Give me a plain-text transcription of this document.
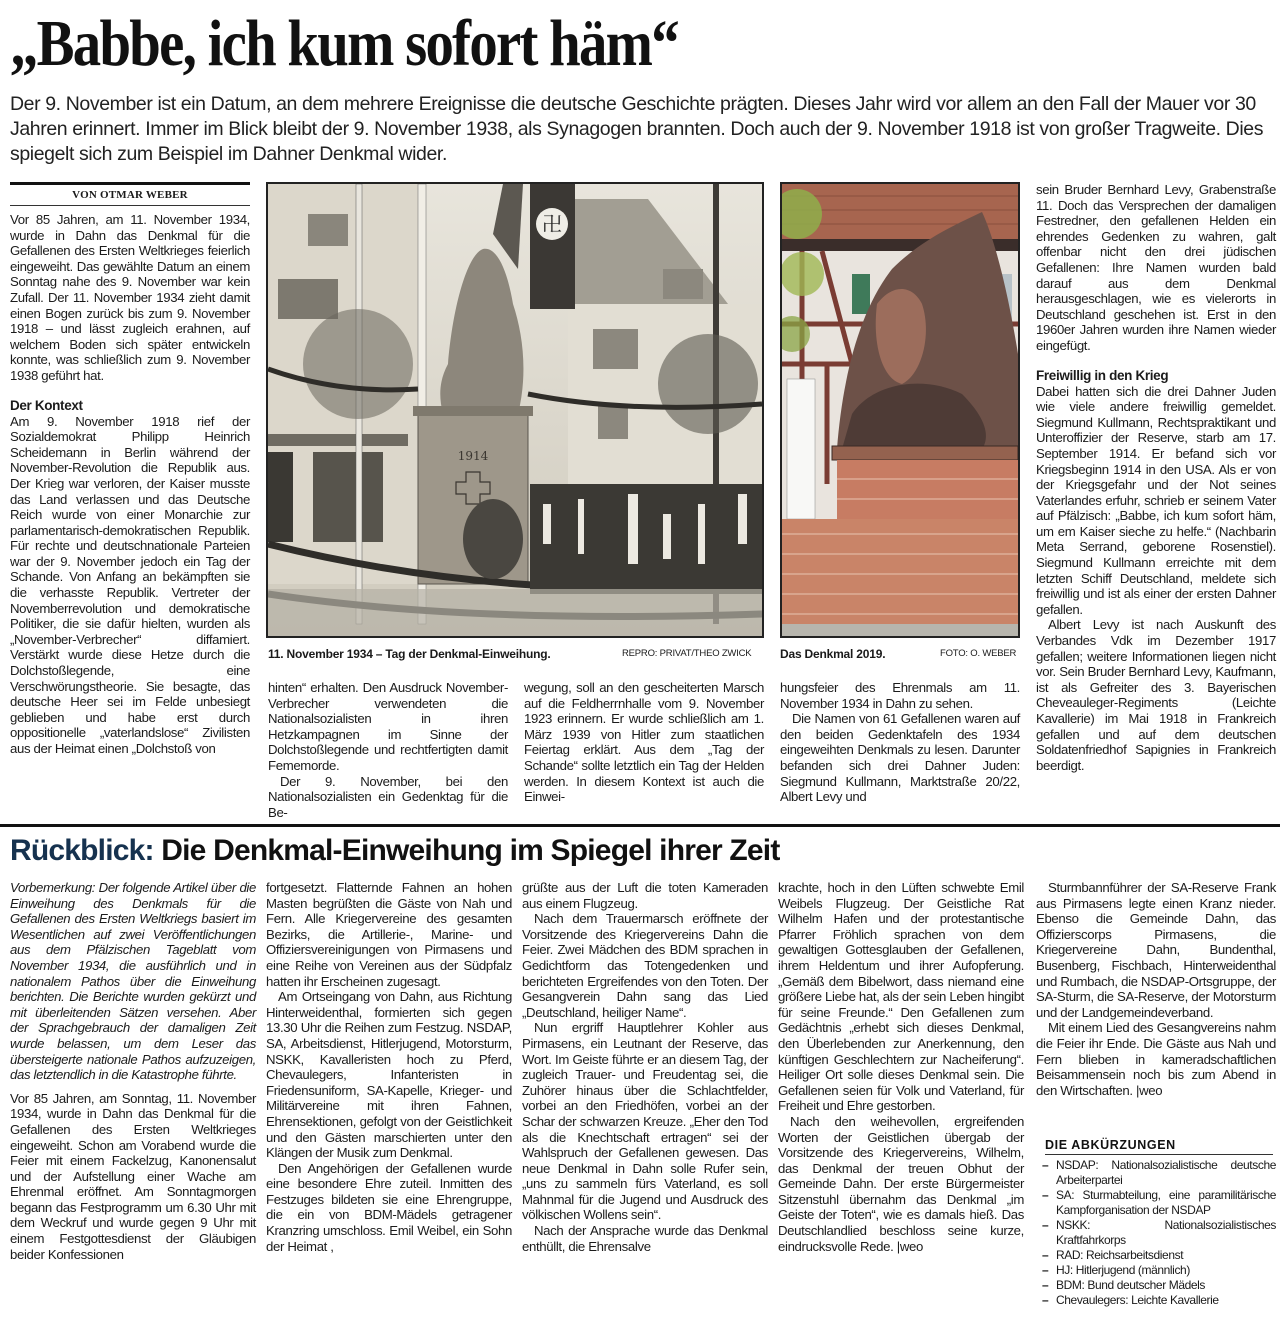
„Babbe, ich kum sofort häm“

Der 9. November ist ein Datum, an dem mehrere Ereignisse die deutsche Geschichte prägten. Dieses Jahr wird vor allem an den Fall der Mauer vor 30 Jahren erinnert. Immer im Blick bleibt der 9. November 1938, als Synagogen brannten. Doch auch der 9. November 1918 ist von großer Tragweite. Dies spiegelt sich zum Beispiel im Dahner Denkmal wider.

VON OTMAR WEBER

Vor 85 Jahren, am 11. November 1934, wurde in Dahn das Denkmal für die Gefallenen des Ersten Weltkrieges feierlich eingeweiht. Das gewählte Datum an einem Sonntag nahe des 9. November war kein Zufall. Der 11. November 1934 zieht damit einen Bogen zurück bis zum 9. November 1918 – und lässt zugleich erahnen, auf welchem Boden sich später entwickeln konnte, was schließlich zum 9. November 1938 geführt hat.

Der Kontext

Am 9. November 1918 rief der Sozialdemokrat Philipp Heinrich Scheidemann in Berlin während der November-Revolution die Republik aus. Der Krieg war verloren, der Kaiser musste das Land verlassen und das Deutsche Reich wurde von einer Monarchie zur parlamentarisch-demokratischen Republik. Für rechte und deutschnationale Parteien war der 9. November jedoch ein Tag der Schande. Von Anfang an bekämpften sie die verhasste Republik. Vertreter der Novemberrevolution und demokratische Politiker, die sie dafür hielten, wurden als „November-Verbrecher“ diffamiert. Verstärkt wurde diese Hetze durch die Dolchstoßlegende, eine Verschwörungstheorie. Sie besagte, das deutsche Heer sei im Felde unbesiegt geblieben und habe erst durch oppositionelle „vaterlandslose“ Zivilisten aus der Heimat einen „Dolchstoß von

卍
1914
11. November 1934 – Tag der Denkmal-Einweihung.	REPRO: PRIVAT/THEO ZWICK Das Denkmal 2019.	FOTO: O. WEBER

hinten“ erhalten. Den Ausdruck November-Verbrecher verwendeten die Nationalsozialisten in ihren Hetzkampagnen im Sinne der Dolchstoßlegende und rechtfertigten damit Fememorde.

Der 9. November, bei den Nationalsozialisten ein Gedenktag für die Be-

wegung, soll an den gescheiterten Marsch auf die Feldherrnhalle vom 9. November 1923 erinnern. Er wurde schließlich am 1. März 1939 von Hitler zum staatlichen Feiertag erklärt. Aus dem „Tag der Schande“ sollte letztlich ein Tag der Helden werden. In diesem Kontext ist auch die Einwei-

hungsfeier des Ehrenmals am 11. November 1934 in Dahn zu sehen.

Die Namen von 61 Gefallenen waren auf den beiden Gedenktafeln des 1934 eingeweihten Denkmals zu lesen. Darunter befanden sich drei Dahner Juden: Siegmund Kullmann, Marktstraße 20/22, Albert Levy und

sein Bruder Bernhard Levy, Grabenstraße 11. Doch das Versprechen der damaligen Festredner, den gefallenen Helden ein ehrendes Gedenken zu wahren, galt offenbar nicht den drei jüdischen Gefallenen: Ihre Namen wurden bald darauf aus dem Denkmal herausgeschlagen, wie es vielerorts in Deutschland geschehen ist. Erst in den 1960er Jahren wurden ihre Namen wieder eingefügt.

Freiwillig in den Krieg

Dabei hatten sich die drei Dahner Juden wie viele andere freiwillig gemeldet. Siegmund Kullmann, Rechtspraktikant und Unteroffizier der Reserve, starb am 17. September 1914. Er befand sich vor Kriegsbeginn 1914 in den USA. Als er von der Kriegsgefahr und der Not seines Vaterlandes erfuhr, schrieb er seinem Vater auf Pfälzisch: „Babbe, ich kum sofort häm, um em Kaiser sieche zu helfe.“ (Nachbarin Meta Serrand, geborene Rosenstiel). Siegmund Kullmann erreichte mit dem letzten Schiff Deutschland, meldete sich freiwillig und ist als einer der ersten Dahner gefallen.

Albert Levy ist nach Auskunft des Verbandes Vdk im Dezember 1917 gefallen; weitere Informationen liegen nicht vor. Sein Bruder Bernhard Levy, Kaufmann, ist als Gefreiter des 3. Bayerischen Cheveauleger-Regiments (Leichte Kavallerie) im Mai 1918 in Frankreich gefallen und auf dem deutschen Soldatenfriedhof Sapignies in Frankreich beerdigt.

Rückblick: Die Denkmal-Einweihung im Spiegel ihrer Zeit

Vorbemerkung: Der folgende Artikel über die Einweihung des Denkmals für die Gefallenen des Ersten Weltkriegs basiert im Wesentlichen auf zwei Veröffentlichungen aus dem Pfälzischen Tageblatt vom November 1934, die ausführlich und in nationalem Pathos über die Einweihung berichten. Die Berichte wurden gekürzt und mit überleitenden Sätzen versehen. Aber der Sprachgebrauch der damaligen Zeit wurde belassen, um dem Leser das übersteigerte nationale Pathos aufzuzeigen, das letztendlich in die Katastrophe führte.

Vor 85 Jahren, am Sonntag, 11. November 1934, wurde in Dahn das Denkmal für die Gefallenen des Ersten Weltkrieges eingeweiht. Schon am Vorabend wurde die Feier mit einem Fackelzug, Kanonensalut und der Aufstellung einer Wache am Ehrenmal eröffnet. Am Sonntagmorgen begann das Festprogramm um 6.30 Uhr mit dem Weckruf und wurde gegen 9 Uhr mit einem Festgottesdienst der Gläubigen beider Konfessionen

fortgesetzt. Flatternde Fahnen an hohen Masten begrüßten die Gäste von Nah und Fern. Alle Kriegervereine des gesamten Bezirks, die Artillerie-, Marine- und Offiziersvereinigungen von Pirmasens und eine Reihe von Vereinen aus der Südpfalz hatten ihr Erscheinen zugesagt.

Am Ortseingang von Dahn, aus Richtung Hinterweidenthal, formierten sich gegen 13.30 Uhr die Reihen zum Festzug. NSDAP, SA, Arbeitsdienst, Hitlerjugend, Motorsturm, NSKK, Kavalleristen hoch zu Pferd, Chevaulegers, Infanteristen in Friedensuniform, SA-Kapelle, Krieger- und Militärvereine mit ihren Fahnen, Ehrensektionen, gefolgt von der Geistlichkeit und den Gästen marschierten unter den Klängen der Musik zum Denkmal.

Den Angehörigen der Gefallenen wurde eine besondere Ehre zuteil. Inmitten des Festzuges bildeten sie eine Ehrengruppe, die ein von BDM-Mädels getragener Kranzring umschloss. Emil Weibel, ein Sohn der Heimat ,

grüßte aus der Luft die toten Kameraden aus einem Flugzeug.

Nach dem Trauermarsch eröffnete der Vorsitzende des Kriegervereins Dahn die Feier. Zwei Mädchen des BDM sprachen in Gedichtform das Totengedenken und berichteten Ergreifendes von den Toten. Der Gesangverein Dahn sang das Lied „Deutschland, heiliger Name“.

Nun ergriff Hauptlehrer Kohler aus Pirmasens, ein Leutnant der Reserve, das Wort. Im Geiste führte er an diesem Tag, der zugleich Trauer- und Freudentag sei, die Zuhörer hinaus über die Schlachtfelder, vorbei an den Friedhöfen, vorbei an der Schar der schwarzen Kreuze. „Eher den Tod als die Knechtschaft ertragen“ sei der Wahlspruch der Gefallenen gewesen. Das neue Denkmal in Dahn solle Rufer sein, „uns zu sammeln fürs Vaterland, es soll Mahnmal für die Jugend und Ausdruck des völkischen Wollens sein“.

Nach der Ansprache wurde das Denkmal enthüllt, die Ehrensalve

krachte, hoch in den Lüften schwebte Emil Weibels Flugzeug. Der Geistliche Rat Wilhelm Hafen und der protestantische Pfarrer Fröhlich sprachen von dem gewaltigen Gottesglauben der Gefallenen, ihrem Heldentum und ihrer Aufopferung. „Gemäß dem Bibelwort, dass niemand eine größere Liebe hat, als der sein Leben hingibt für seine Freunde.“ Den Gefallenen zum Gedächtnis „erhebt sich dieses Denkmal, den Überlebenden zur Anerkennung, den künftigen Geschlechtern zur Nacheiferung“. Heiliger Ort solle dieses Denkmal sein. Die Gefallenen seien für Volk und Vaterland, für Freiheit und Ehre gestorben.

Nach den weihevollen, ergreifenden Worten der Geistlichen übergab der Vorsitzende des Kriegervereins, Wilhelm, das Denkmal der treuen Obhut der Gemeinde Dahn. Der erste Bürgermeister Sitzenstuhl übernahm das Denkmal „im Geiste der Toten“, wie es damals hieß. Das Deutschlandlied beschloss seine kurze, eindrucksvolle Rede. |weo

Sturmbannführer der SA-Reserve Frank aus Pirmasens legte einen Kranz nieder. Ebenso die Gemeinde Dahn, das Offizierscorps Pirmasens, die Kriegervereine Dahn, Bundenthal, Busenberg, Fischbach, Hinterweidenthal und Rumbach, die NSDAP-Ortsgruppe, der SA-Sturm, die SA-Reserve, der Motorsturm und der Landgemeindeverband.

Mit einem Lied des Gesangvereins nahm die Feier ihr Ende. Die Gäste aus Nah und Fern blieben in kameradschaftlichen Beisammensein noch bis zum Abend in den Wirtschaften. |weo

DIE ABKÜRZUNGEN
– NSDAP: Nationalsozialistische deutsche Arbeiterpartei
– SA: Sturmabteilung, eine paramilitärische Kampforganisation der NSDAP
– NSKK: Nationalsozialistisches Kraftfahrkorps
– RAD: Reichsarbeitsdienst
– HJ: Hitlerjugend (männlich)
– BDM: Bund deutscher Mädels
– Chevaulegers: Leichte Kavallerie
